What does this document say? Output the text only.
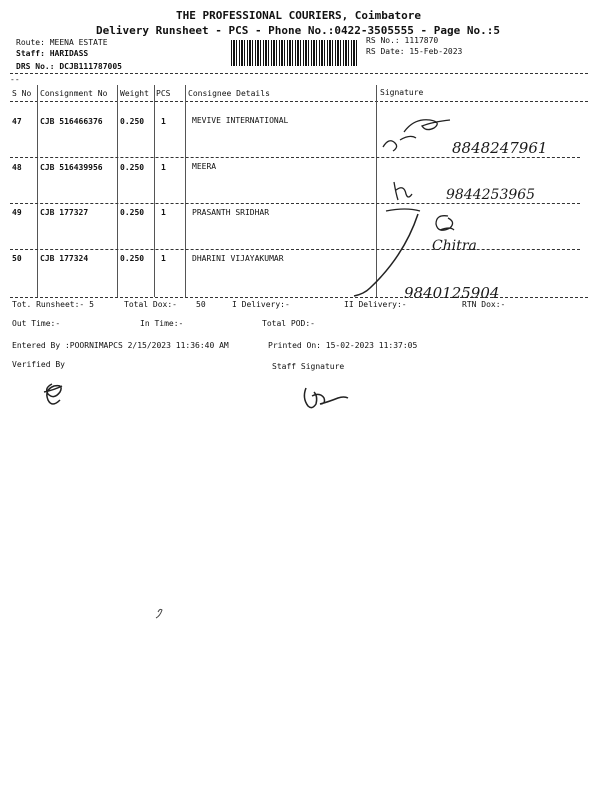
THE PROFESSIONAL COURIERS, Coimbatore
Delivery Runsheet - PCS - Phone No.:0422-3505555 - Page No.:5
Route: MEENA ESTATE
Staff: HARIDASS
DRS No.: DCJB111787005
RS No.: 1117870
RS Date: 15-Feb-2023
--
S No Consignment No Weight PCS Consignee Details	Signature
47 CJB 516466376 0.250 1	MEVIVE INTERNATIONAL
48 CJB 516439956 0.250 1	MEERA
49 CJB 177327	0.250 1	PRASANTH SRIDHAR
50 CJB 177324	0.250 1	DHARINI VIJAYAKUMAR
Tot. Runsheet:- 5	Total Dox:- 50	I Delivery:-	II Delivery:-	RTN Dox:-
Out Time:-	In Time:-	Total POD:-
Entered By :POORNIMAPCS 2/15/2023 11:36:40 AM	Printed On: 15-02-2023 11:37:05
Verified By	Staff Signature
8848247961
9844253965
Chitra
9840125904
